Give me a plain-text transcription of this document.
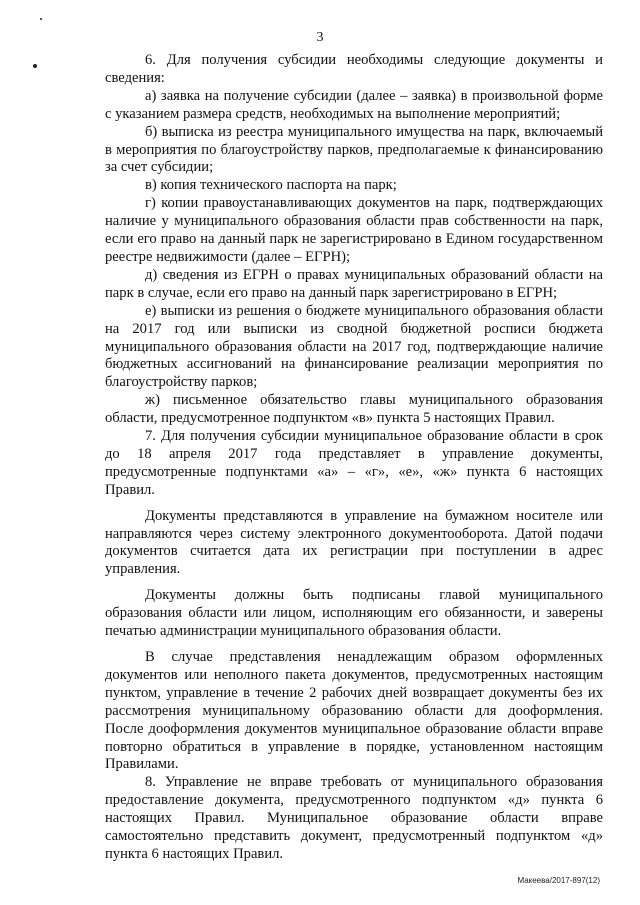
3

6. Для получения субсидии необходимы следующие документы и сведения:

а) заявка на получение субсидии (далее – заявка) в произвольной форме с указанием размера средств, необходимых на выполнение мероприятий;

б) выписка из реестра муниципального имущества на парк, включаемый в мероприятия по благоустройству парков, предполагаемые к финансированию за счет субсидии;

в) копия технического паспорта на парк;

г) копии правоустанавливающих документов на парк, подтверждающих наличие у муниципального образования области прав собственности на парк, если его право на данный парк не зарегистрировано в Едином государственном реестре недвижимости (далее – ЕГРН);

д) сведения из ЕГРН о правах муниципальных образований области на парк в случае, если его право на данный парк зарегистрировано в ЕГРН;

е) выписки из решения о бюджете муниципального образования области на 2017 год или выписки из сводной бюджетной росписи бюджета муниципального образования области на 2017 год, подтверждающие наличие бюджетных ассигнований на финансирование реализации мероприятия по благоустройству парков;

ж) письменное обязательство главы муниципального образования области, предусмотренное подпунктом «в» пункта 5 настоящих Правил.

7. Для получения субсидии муниципальное образование области в срок до 18 апреля 2017 года представляет в управление документы, предусмотренные подпунктами «а» – «г», «е», «ж» пункта 6 настоящих Правил.

Документы представляются в управление на бумажном носителе или направляются через систему электронного документооборота. Датой подачи документов считается дата их регистрации при поступлении в адрес управления.

Документы должны быть подписаны главой муниципального образования области или лицом, исполняющим его обязанности, и заверены печатью администрации муниципального образования области.

В случае представления ненадлежащим образом оформленных документов или неполного пакета документов, предусмотренных настоящим пунктом, управление в течение 2 рабочих дней возвращает документы без их рассмотрения муниципальному образованию области для дооформления. После дооформления документов муниципальное образование области вправе повторно обратиться в управление в порядке, установленном настоящим Правилами.

8. Управление не вправе требовать от муниципального образования предоставление документа, предусмотренного подпунктом «д» пункта 6 настоящих Правил. Муниципальное образование области вправе самостоятельно представить документ, предусмотренный подпунктом «д» пункта 6 настоящих Правил.

Макеева/2017-897(12)
